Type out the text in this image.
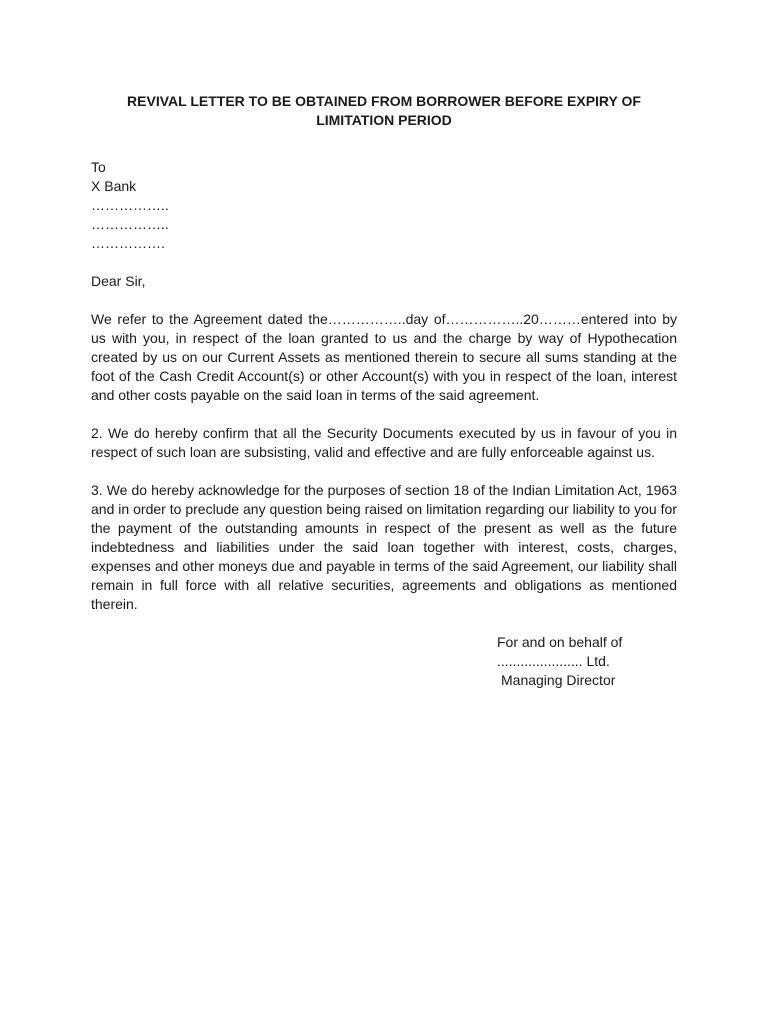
REVIVAL LETTER TO BE OBTAINED FROM BORROWER BEFORE EXPIRY OF
LIMITATION PERIOD
To
X Bank
……………..
……………..
…………….
Dear Sir,
We refer to the Agreement dated the……………..day of……………..20………entered into by us with you, in respect of the loan granted to us and the charge by way of Hypothecation created by us on our Current Assets as mentioned therein to secure all sums standing at the foot of the Cash Credit Account(s) or other Account(s) with you in respect of the loan, interest and other costs payable on the said loan in terms of the said agreement.
2. We do hereby confirm that all the Security Documents executed by us in favour of you in respect of such loan are subsisting, valid and effective and are fully enforceable against us.
3. We do hereby acknowledge for the purposes of section 18 of the Indian Limitation Act, 1963 and in order to preclude any question being raised on limitation regarding our liability to you for the payment of the outstanding amounts in respect of the present as well as the future indebtedness and liabilities under the said loan together with interest, costs, charges, expenses and other moneys due and payable in terms of the said Agreement, our liability shall remain in full force with all relative securities, agreements and obligations as mentioned therein.
For and on behalf of
...................... Ltd.
Managing Director
